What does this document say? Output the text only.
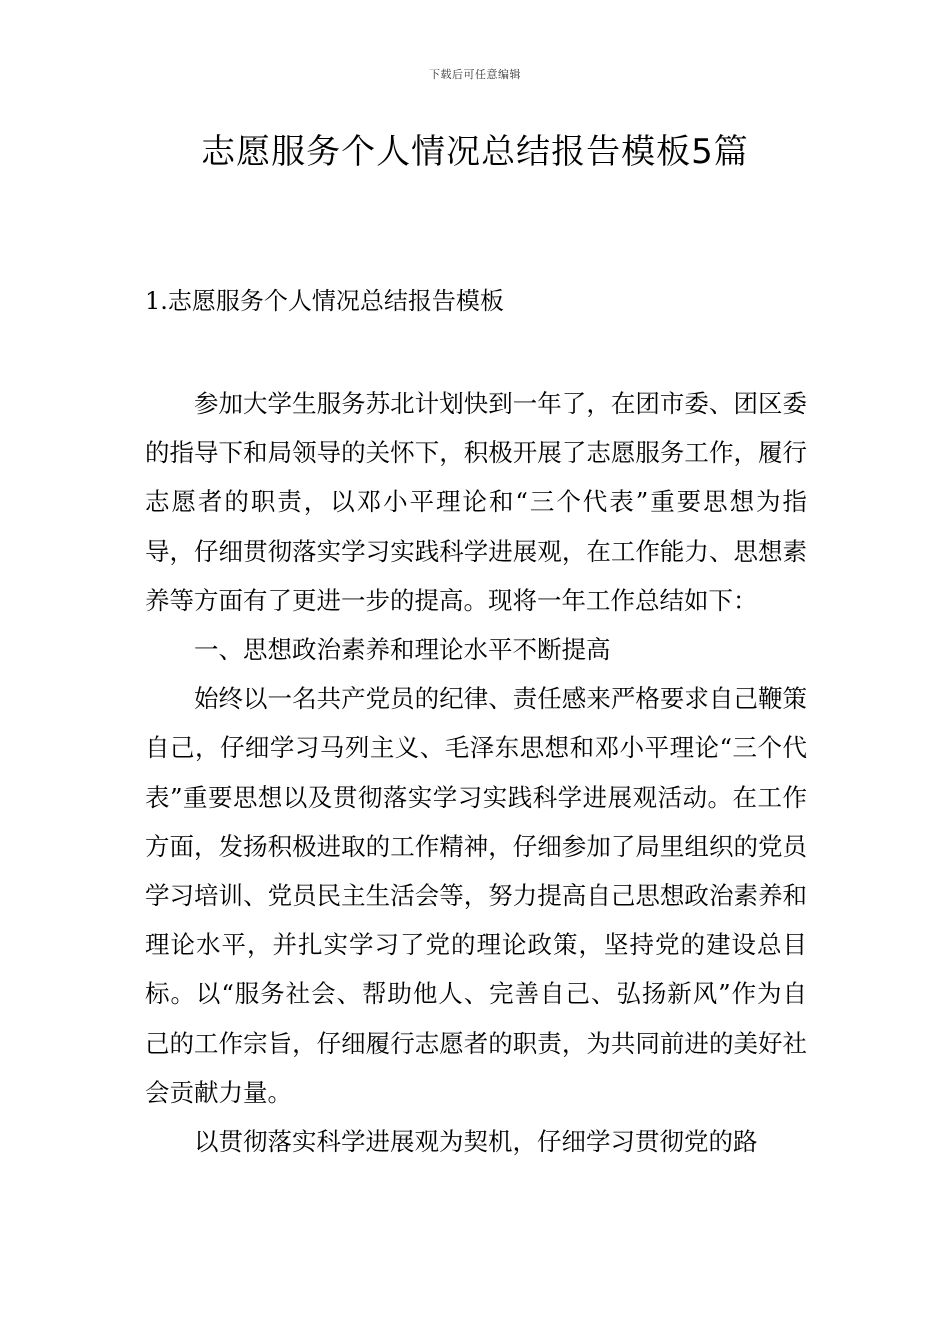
下载后可任意编辑
志愿服务个人情况总结报告模板5篇
1.志愿服务个人情况总结报告模板

参加大学生服务苏北计划快到一年了，在团市委、团区委的指导下和局领导的关怀下，积极开展了志愿服务工作，履行志愿者的职责，以邓小平理论和“三个代表”重要思想为指导，仔细贯彻落实学习实践科学进展观，在工作能力、思想素养等方面有了更进一步的提高。现将一年工作总结如下：

一、思想政治素养和理论水平不断提高

始终以一名共产党员的纪律、责任感来严格要求自己鞭策自己，仔细学习马列主义、毛泽东思想和邓小平理论“三个代表”重要思想以及贯彻落实学习实践科学进展观活动。在工作方面，发扬积极进取的工作精神，仔细参加了局里组织的党员学习培训、党员民主生活会等，努力提高自己思想政治素养和理论水平，并扎实学习了党的理论政策，坚持党的建设总目标。以“服务社会、帮助他人、完善自己、弘扬新风”作为自己的工作宗旨，仔细履行志愿者的职责，为共同前进的美好社会贡献力量。

以贯彻落实科学进展观为契机，仔细学习贯彻党的路
